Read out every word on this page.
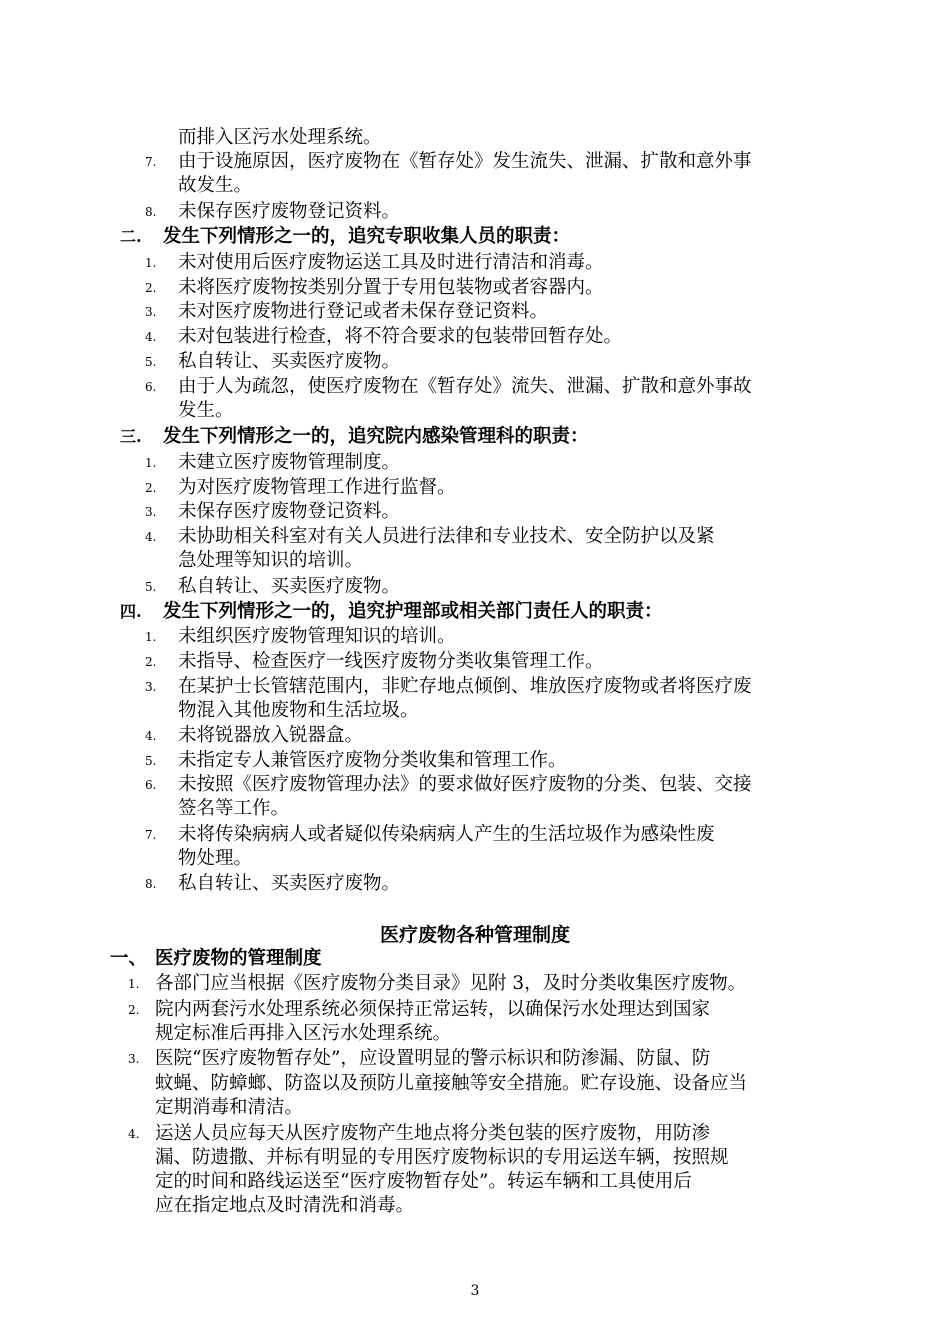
而排入区污水处理系统。
7. 由于设施原因，医疗废物在《暂存处》发生流失、泄漏、扩散和意外事
故发生。
8. 未保存医疗废物登记资料。
二. 发生下列情形之一的，追究专职收集人员的职责：
1. 未对使用后医疗废物运送工具及时进行清洁和消毒。
2. 未将医疗废物按类别分置于专用包装物或者容器内。
3. 未对医疗废物进行登记或者未保存登记资料。
4. 未对包装进行检查，将不符合要求的包装带回暂存处。
5. 私自转让、买卖医疗废物。
6. 由于人为疏忽，使医疗废物在《暂存处》流失、泄漏、扩散和意外事故
发生。
三. 发生下列情形之一的，追究院内感染管理科的职责：
1. 未建立医疗废物管理制度。
2. 为对医疗废物管理工作进行监督。
3. 未保存医疗废物登记资料。
4. 未协助相关科室对有关人员进行法律和专业技术、安全防护以及紧
急处理等知识的培训。
5. 私自转让、买卖医疗废物。
四. 发生下列情形之一的，追究护理部或相关部门责任人的职责：
1. 未组织医疗废物管理知识的培训。
2. 未指导、检查医疗一线医疗废物分类收集管理工作。
3. 在某护士长管辖范围内，非贮存地点倾倒、堆放医疗废物或者将医疗废
物混入其他废物和生活垃圾。
4. 未将锐器放入锐器盒。
5. 未指定专人兼管医疗废物分类收集和管理工作。
6. 未按照《医疗废物管理办法》的要求做好医疗废物的分类、包装、交接
签名等工作。
7. 未将传染病病人或者疑似传染病病人产生的生活垃圾作为感染性废
物处理。
8. 私自转让、买卖医疗废物。
医疗废物各种管理制度
一、 医疗废物的管理制度
1. 各部门应当根据《医疗废物分类目录》见附 3，及时分类收集医疗废物。
2. 院内两套污水处理系统必须保持正常运转，以确保污水处理达到国家
规定标准后再排入区污水处理系统。
3. 医院“医疗废物暂存处”，应设置明显的警示标识和防渗漏、防鼠、防
蚊蝇、防蟑螂、防盗以及预防儿童接触等安全措施。贮存设施、设备应当
定期消毒和清洁。
4. 运送人员应每天从医疗废物产生地点将分类包装的医疗废物，用防渗
漏、防遗撒、并标有明显的专用医疗废物标识的专用运送车辆，按照规
定的时间和路线运送至“医疗废物暂存处”。转运车辆和工具使用后
应在指定地点及时清洗和消毒。
3
